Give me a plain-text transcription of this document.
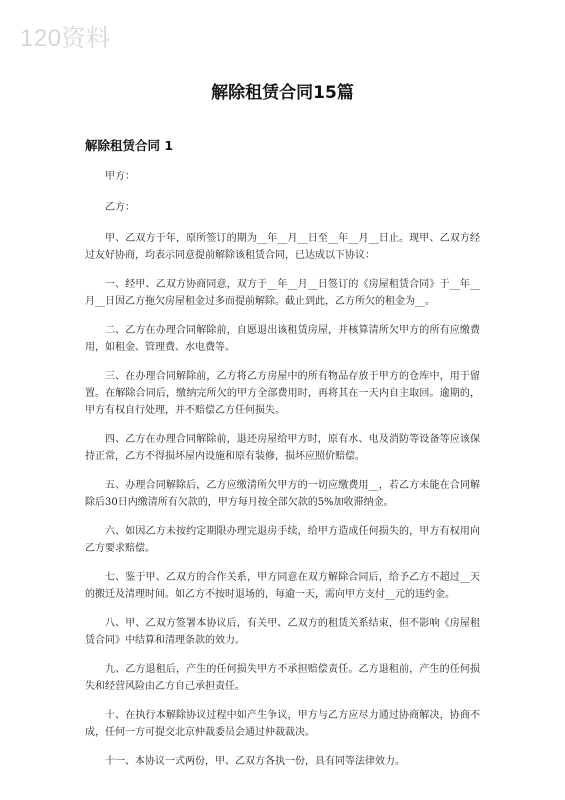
120资料
解除租赁合同15篇
解除租赁合同 1

甲方：

乙方：

甲、乙双方于年，原所签订的期为__年__月__日至__年__月__日止。现甲、乙双方经过友好协商，均表示同意提前解除该租赁合同，已达成以下协议：

一、经甲、乙双方协商同意，双方于__年__月__日签订的《房屋租赁合同》于__年__月__日因乙方拖欠房屋租金过多而提前解除。截止到此，乙方所欠的租金为__。

二、乙方在办理合同解除前，自愿退出该租赁房屋，并核算清所欠甲方的所有应缴费用，如租金、管理费、水电费等。

三、在办理合同解除前，乙方将乙方房屋中的所有物品存放于甲方的仓库中，用于留置。在解除合同后，缴纳完所欠的甲方全部费用时，再将其在一天内自主取回。逾期的，甲方有权自行处理，并不赔偿乙方任何损失。

四、乙方在办理合同解除前，退还房屋给甲方时，原有水、电及消防等设备等应该保持正常，乙方不得损坏屋内设施和原有装修，损坏应照价赔偿。

五、办理合同解除后，乙方应缴清所欠甲方的一切应缴费用__，若乙方未能在合同解除后30日内缴清所有欠款的，甲方每月按全部欠款的5%加收滞纳金。

六、如因乙方未按约定期限办理完退房手续，给甲方造成任何损失的，甲方有权用向乙方要求赔偿。

七、鉴于甲、乙双方的合作关系，甲方同意在双方解除合同后，给予乙方不超过__天的搬迁及清理时间。如乙方不按时退场的，每逾一天，需向甲方支付__元的违约金。

八、甲、乙双方签署本协议后，有关甲、乙双方的租赁关系结束，但不影响《房屋租赁合同》中结算和清理条款的效力。

九、乙方退租后，产生的任何损失甲方不承担赔偿责任。乙方退租前，产生的任何损失和经营风险由乙方自己承担责任。

十、在执行本解除协议过程中如产生争议，甲方与乙方应尽力通过协商解决，协商不成，任何一方可提交北京仲裁委员会通过仲裁裁决。

十一、本协议一式两份，甲、乙双方各执一份，具有同等法律效力。
